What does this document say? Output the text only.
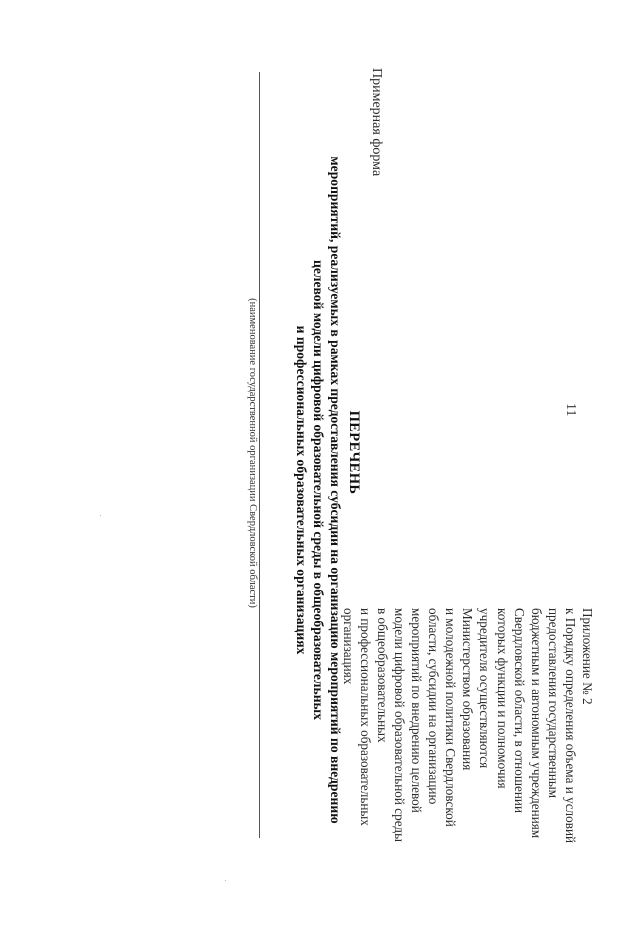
11
Приложение № 2
к Порядку определения объема и условий
предоставления государственным
бюджетным и автономным учреждениям
Свердловской области, в отношении
которых функции и полномочия
учредителя осуществляются
Министерством образования
и молодежной политики Свердловской
области, субсидии на организацию
мероприятий по внедрению целевой
модели цифровой образовательной среды
в общеобразовательных
и профессиональных образовательных
организациях
Примерная форма
ПЕРЕЧЕНЬ
мероприятий, реализуемых в рамках предоставления субсидии на организацию мероприятий по внедрению
целевой модели цифровой образовательной среды в общеобразовательных
и профессиональных образовательных организациях
(наименование государственной организации Свердловской области)
